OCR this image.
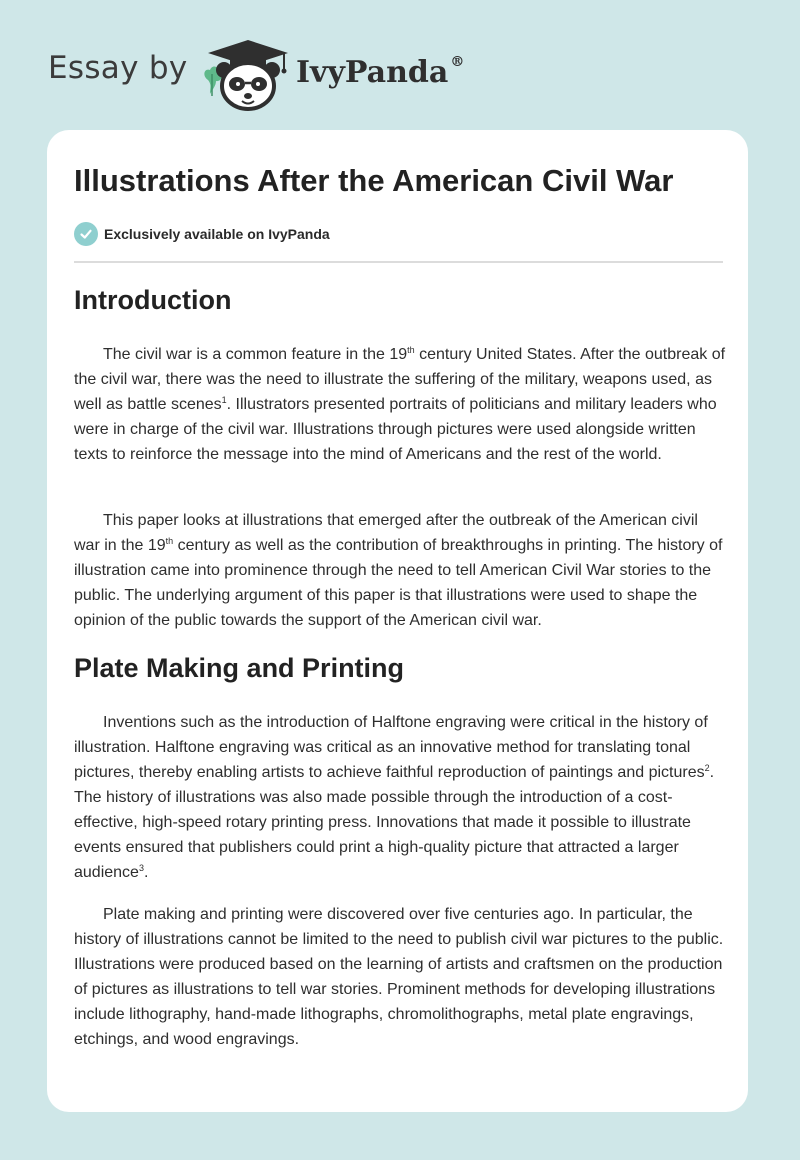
Essay by	IvyPanda ®
Illustrations After the American Civil War
Exclusively available on IvyPanda
Introduction

The civil war is a common feature in the 19th century United States. After the outbreak of the civil war, there was the need to illustrate the suffering of the military, weapons used, as well as battle scenes$^1$. Illustrators presented portraits of politicians and military leaders who were in charge of the civil war. Illustrations through pictures were used alongside written texts to reinforce the message into the mind of Americans and the rest of the world.

This paper looks at illustrations that emerged after the outbreak of the American civil war in the 19th century as well as the contribution of breakthroughs in printing. The history of illustration came into prominence through the need to tell American Civil War stories to the public. The underlying argument of this paper is that illustrations were used to shape the opinion of the public towards the support of the American civil war.

Plate Making and Printing

Inventions such as the introduction of Halftone engraving were critical in the history of illustration. Halftone engraving was critical as an innovative method for translating tonal pictures, thereby enabling artists to achieve faithful reproduction of paintings and pictures$^2$. The history of illustrations was also made possible through the introduction of a cost-effective, high-speed rotary printing press. Innovations that made it possible to illustrate events ensured that publishers could print a high-quality picture that attracted a larger audience$^3$.

Plate making and printing were discovered over five centuries ago. In particular, the history of illustrations cannot be limited to the need to publish civil war pictures to the public. Illustrations were produced based on the learning of artists and craftsmen on the production of pictures as illustrations to tell war stories. Prominent methods for developing illustrations include lithography, hand-made lithographs, chromolithographs, metal plate engravings, etchings, and wood engravings.
